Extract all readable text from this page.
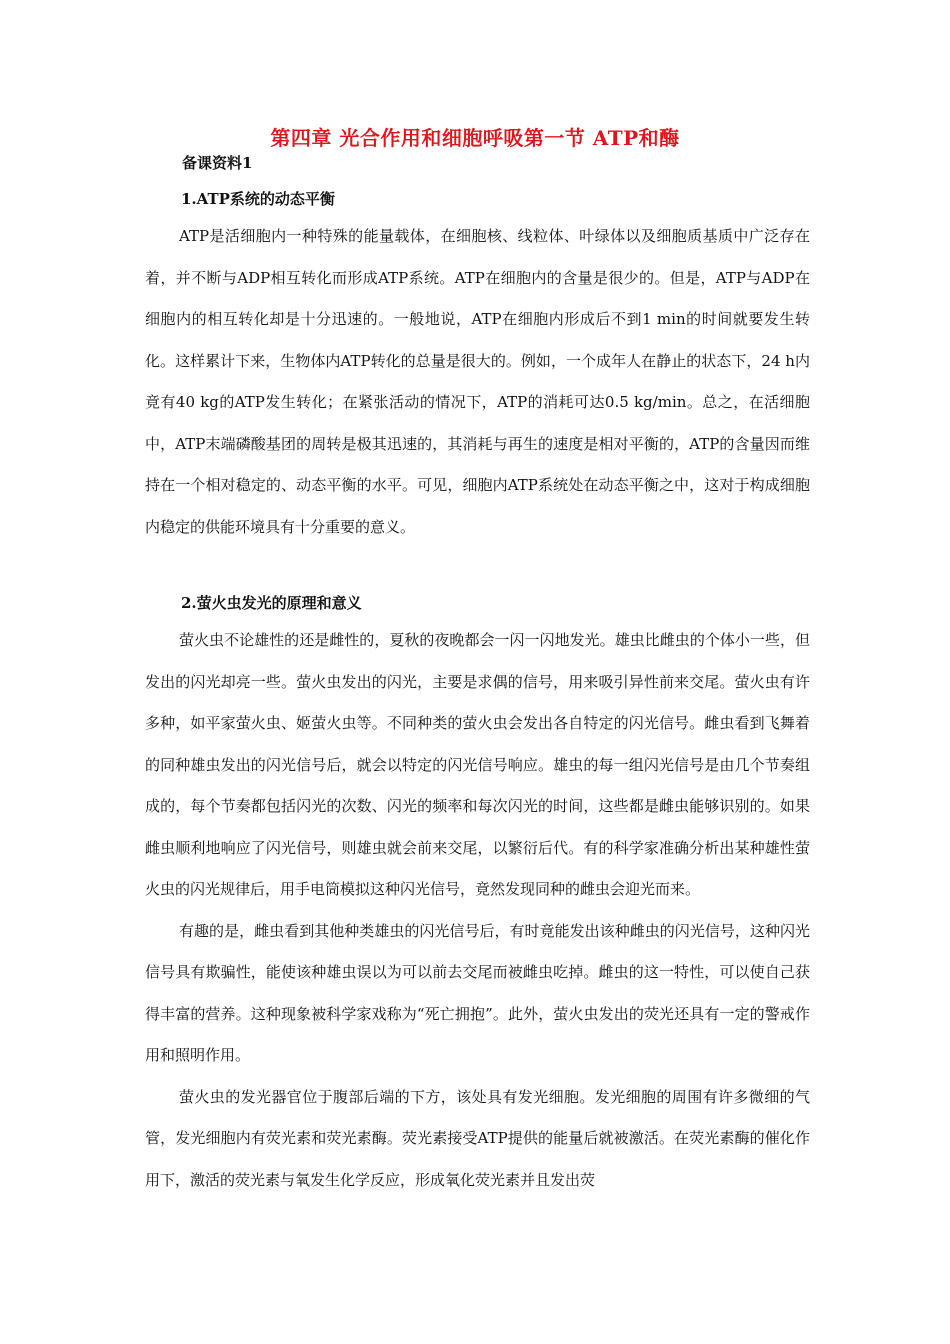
第四章 光合作用和细胞呼吸第一节 ATP和酶
备课资料1
1.ATP系统的动态平衡

ATP是活细胞内一种特殊的能量载体，在细胞核、线粒体、叶绿体以及细胞质基质中广泛存在着，并不断与ADP相互转化而形成ATP系统。ATP在细胞内的含量是很少的。但是，ATP与ADP在细胞内的相互转化却是十分迅速的。一般地说，ATP在细胞内形成后不到1 min的时间就要发生转化。这样累计下来，生物体内ATP转化的总量是很大的。例如，一个成年人在静止的状态下，24 h内竟有40 kg的ATP发生转化；在紧张活动的情况下，ATP的消耗可达0.5 kg/min。总之，在活细胞中，ATP末端磷酸基团的周转是极其迅速的，其消耗与再生的速度是相对平衡的，ATP的含量因而维持在一个相对稳定的、动态平衡的水平。可见，细胞内ATP系统处在动态平衡之中，这对于构成细胞内稳定的供能环境具有十分重要的意义。

2.萤火虫发光的原理和意义

萤火虫不论雄性的还是雌性的，夏秋的夜晚都会一闪一闪地发光。雄虫比雌虫的个体小一些，但发出的闪光却亮一些。萤火虫发出的闪光，主要是求偶的信号，用来吸引异性前来交尾。萤火虫有许多种，如平家萤火虫、姬萤火虫等。不同种类的萤火虫会发出各自特定的闪光信号。雌虫看到飞舞着的同种雄虫发出的闪光信号后，就会以特定的闪光信号响应。雄虫的每一组闪光信号是由几个节奏组成的，每个节奏都包括闪光的次数、闪光的频率和每次闪光的时间，这些都是雌虫能够识别的。如果雌虫顺利地响应了闪光信号，则雄虫就会前来交尾，以繁衍后代。有的科学家准确分析出某种雄性萤火虫的闪光规律后，用手电筒模拟这种闪光信号，竟然发现同种的雌虫会迎光而来。

有趣的是，雌虫看到其他种类雄虫的闪光信号后，有时竟能发出该种雌虫的闪光信号，这种闪光信号具有欺骗性，能使该种雄虫误以为可以前去交尾而被雌虫吃掉。雌虫的这一特性，可以使自己获得丰富的营养。这种现象被科学家戏称为“死亡拥抱”。此外，萤火虫发出的荧光还具有一定的警戒作用和照明作用。

萤火虫的发光器官位于腹部后端的下方，该处具有发光细胞。发光细胞的周围有许多微细的气管，发光细胞内有荧光素和荧光素酶。荧光素接受ATP提供的能量后就被激活。在荧光素酶的催化作用下，激活的荧光素与氧发生化学反应，形成氧化荧光素并且发出荧
